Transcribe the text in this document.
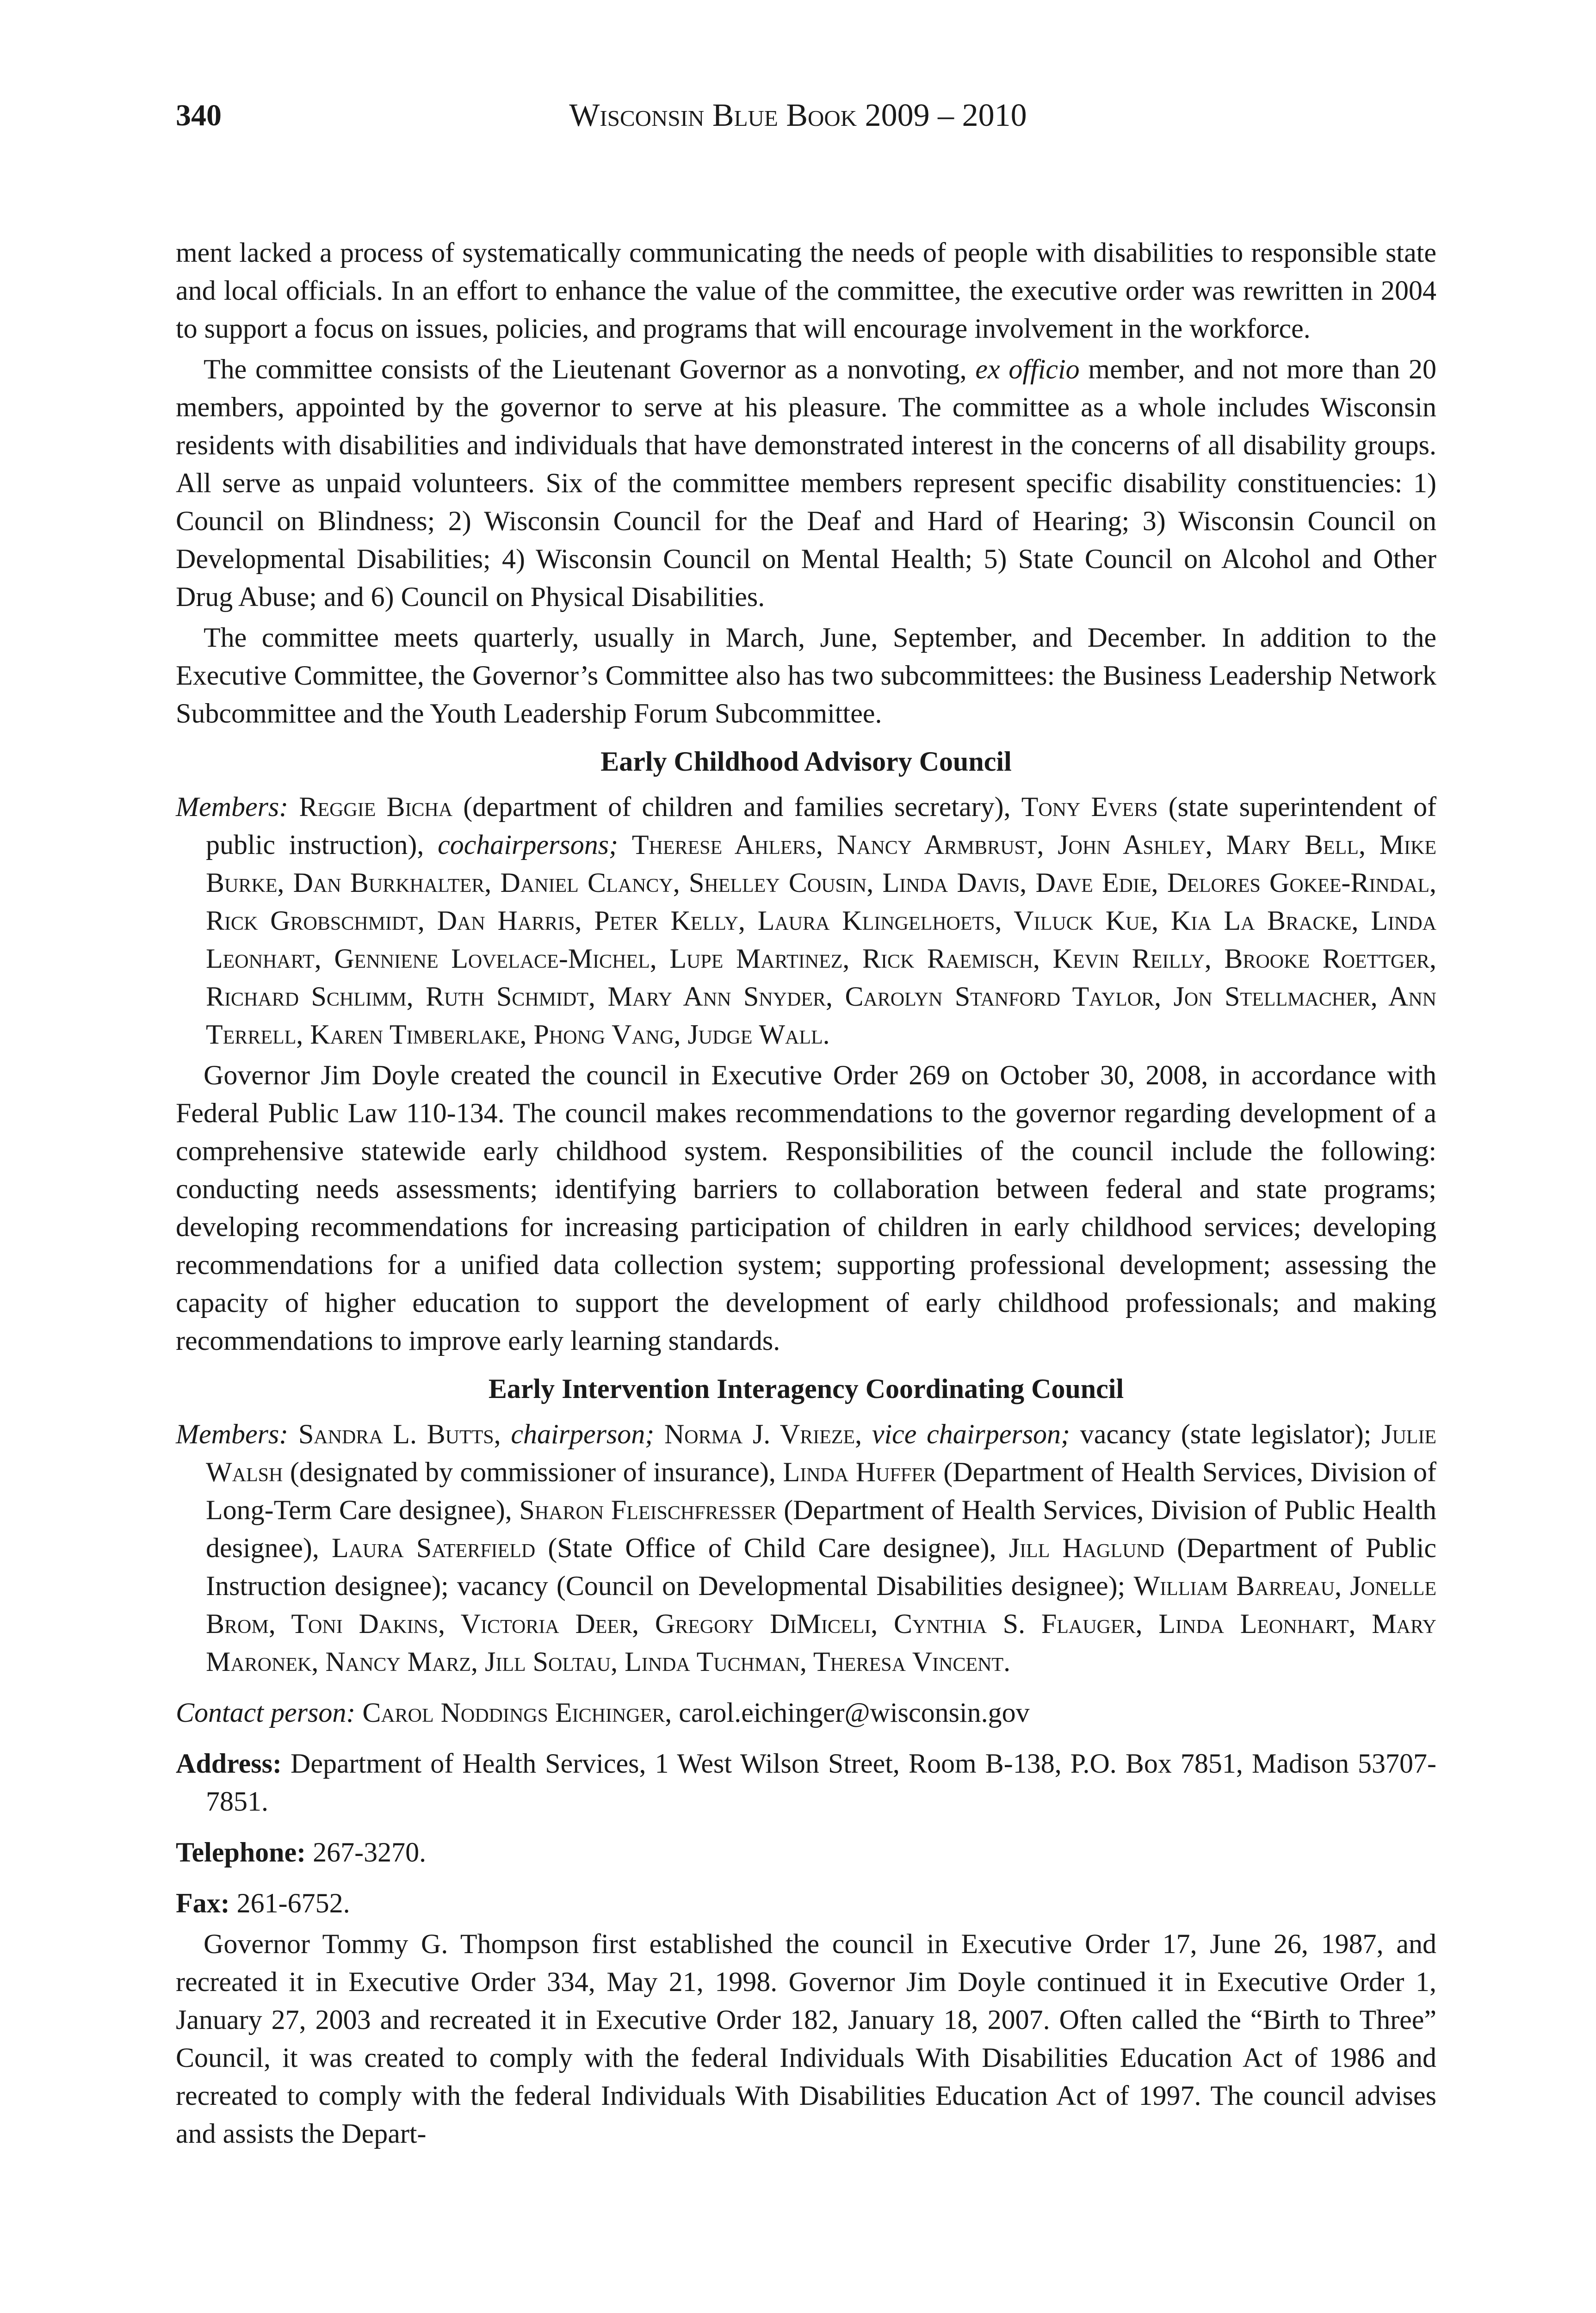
340	Wisconsin Blue Book 2009 – 2010

ment lacked a process of systematically communicating the needs of people with disabilities to responsible state and local officials. In an effort to enhance the value of the committee, the executive order was rewritten in 2004 to support a focus on issues, policies, and programs that will encourage involvement in the workforce.

The committee consists of the Lieutenant Governor as a nonvoting, ex officio member, and not more than 20 members, appointed by the governor to serve at his pleasure. The committee as a whole includes Wisconsin residents with disabilities and individuals that have demonstrated interest in the concerns of all disability groups. All serve as unpaid volunteers. Six of the committee members represent specific disability constituencies: 1) Council on Blindness; 2) Wisconsin Council for the Deaf and Hard of Hearing; 3) Wisconsin Council on Developmental Disabilities; 4) Wisconsin Council on Mental Health; 5) State Council on Alcohol and Other Drug Abuse; and 6) Council on Physical Disabilities.

The committee meets quarterly, usually in March, June, September, and December. In addition to the Executive Committee, the Governor’s Committee also has two subcommittees: the Business Leadership Network Subcommittee and the Youth Leadership Forum Subcommittee.

Early Childhood Advisory Council

Members: Reggie Bicha (department of children and families secretary), Tony Evers (state superintendent of public instruction), cochairpersons; Therese Ahlers, Nancy Armbrust, John Ashley, Mary Bell, Mike Burke, Dan Burkhalter, Daniel Clancy, Shelley Cousin, Linda Davis, Dave Edie, Delores Gokee-Rindal, Rick Grobschmidt, Dan Harris, Peter Kelly, Laura Klingelhoets, Viluck Kue, Kia La Bracke, Linda Leonhart, Genniene Lovelace-Michel, Lupe Martinez, Rick Raemisch, Kevin Reilly, Brooke Roettger, Richard Schlimm, Ruth Schmidt, Mary Ann Snyder, Carolyn Stanford Taylor, Jon Stellmacher, Ann Terrell, Karen Timberlake, Phong Vang, Judge Wall.

Governor Jim Doyle created the council in Executive Order 269 on October 30, 2008, in accordance with Federal Public Law 110-134. The council makes recommendations to the governor regarding development of a comprehensive statewide early childhood system. Responsibilities of the council include the following: conducting needs assessments; identifying barriers to collaboration between federal and state programs; developing recommendations for increasing participation of children in early childhood services; developing recommendations for a unified data collection system; supporting professional development; assessing the capacity of higher education to support the development of early childhood professionals; and making recommendations to improve early learning standards.

Early Intervention Interagency Coordinating Council

Members: Sandra L. Butts, chairperson; Norma J. Vrieze, vice chairperson; vacancy (state legislator); Julie Walsh (designated by commissioner of insurance), Linda Huffer (Department of Health Services, Division of Long-Term Care designee), Sharon Fleischfresser (Department of Health Services, Division of Public Health designee), Laura Saterfield (State Office of Child Care designee), Jill Haglund (Department of Public Instruction designee); vacancy (Council on Developmental Disabilities designee); William Barreau, Jonelle Brom, Toni Dakins, Victoria Deer, Gregory DiMiceli, Cynthia S. Flauger, Linda Leonhart, Mary Maronek, Nancy Marz, Jill Soltau, Linda Tuchman, Theresa Vincent.

Contact person: Carol Noddings Eichinger, carol.eichinger@wisconsin.gov

Address: Department of Health Services, 1 West Wilson Street, Room B-138, P.O. Box 7851, Madison 53707-7851.

Telephone: 267-3270.

Fax: 261-6752.

Governor Tommy G. Thompson first established the council in Executive Order 17, June 26, 1987, and recreated it in Executive Order 334, May 21, 1998. Governor Jim Doyle continued it in Executive Order 1, January 27, 2003 and recreated it in Executive Order 182, January 18, 2007. Often called the “Birth to Three” Council, it was created to comply with the federal Individuals With Disabilities Education Act of 1986 and recreated to comply with the federal Individuals With Disabilities Education Act of 1997. The council advises and assists the Depart-
